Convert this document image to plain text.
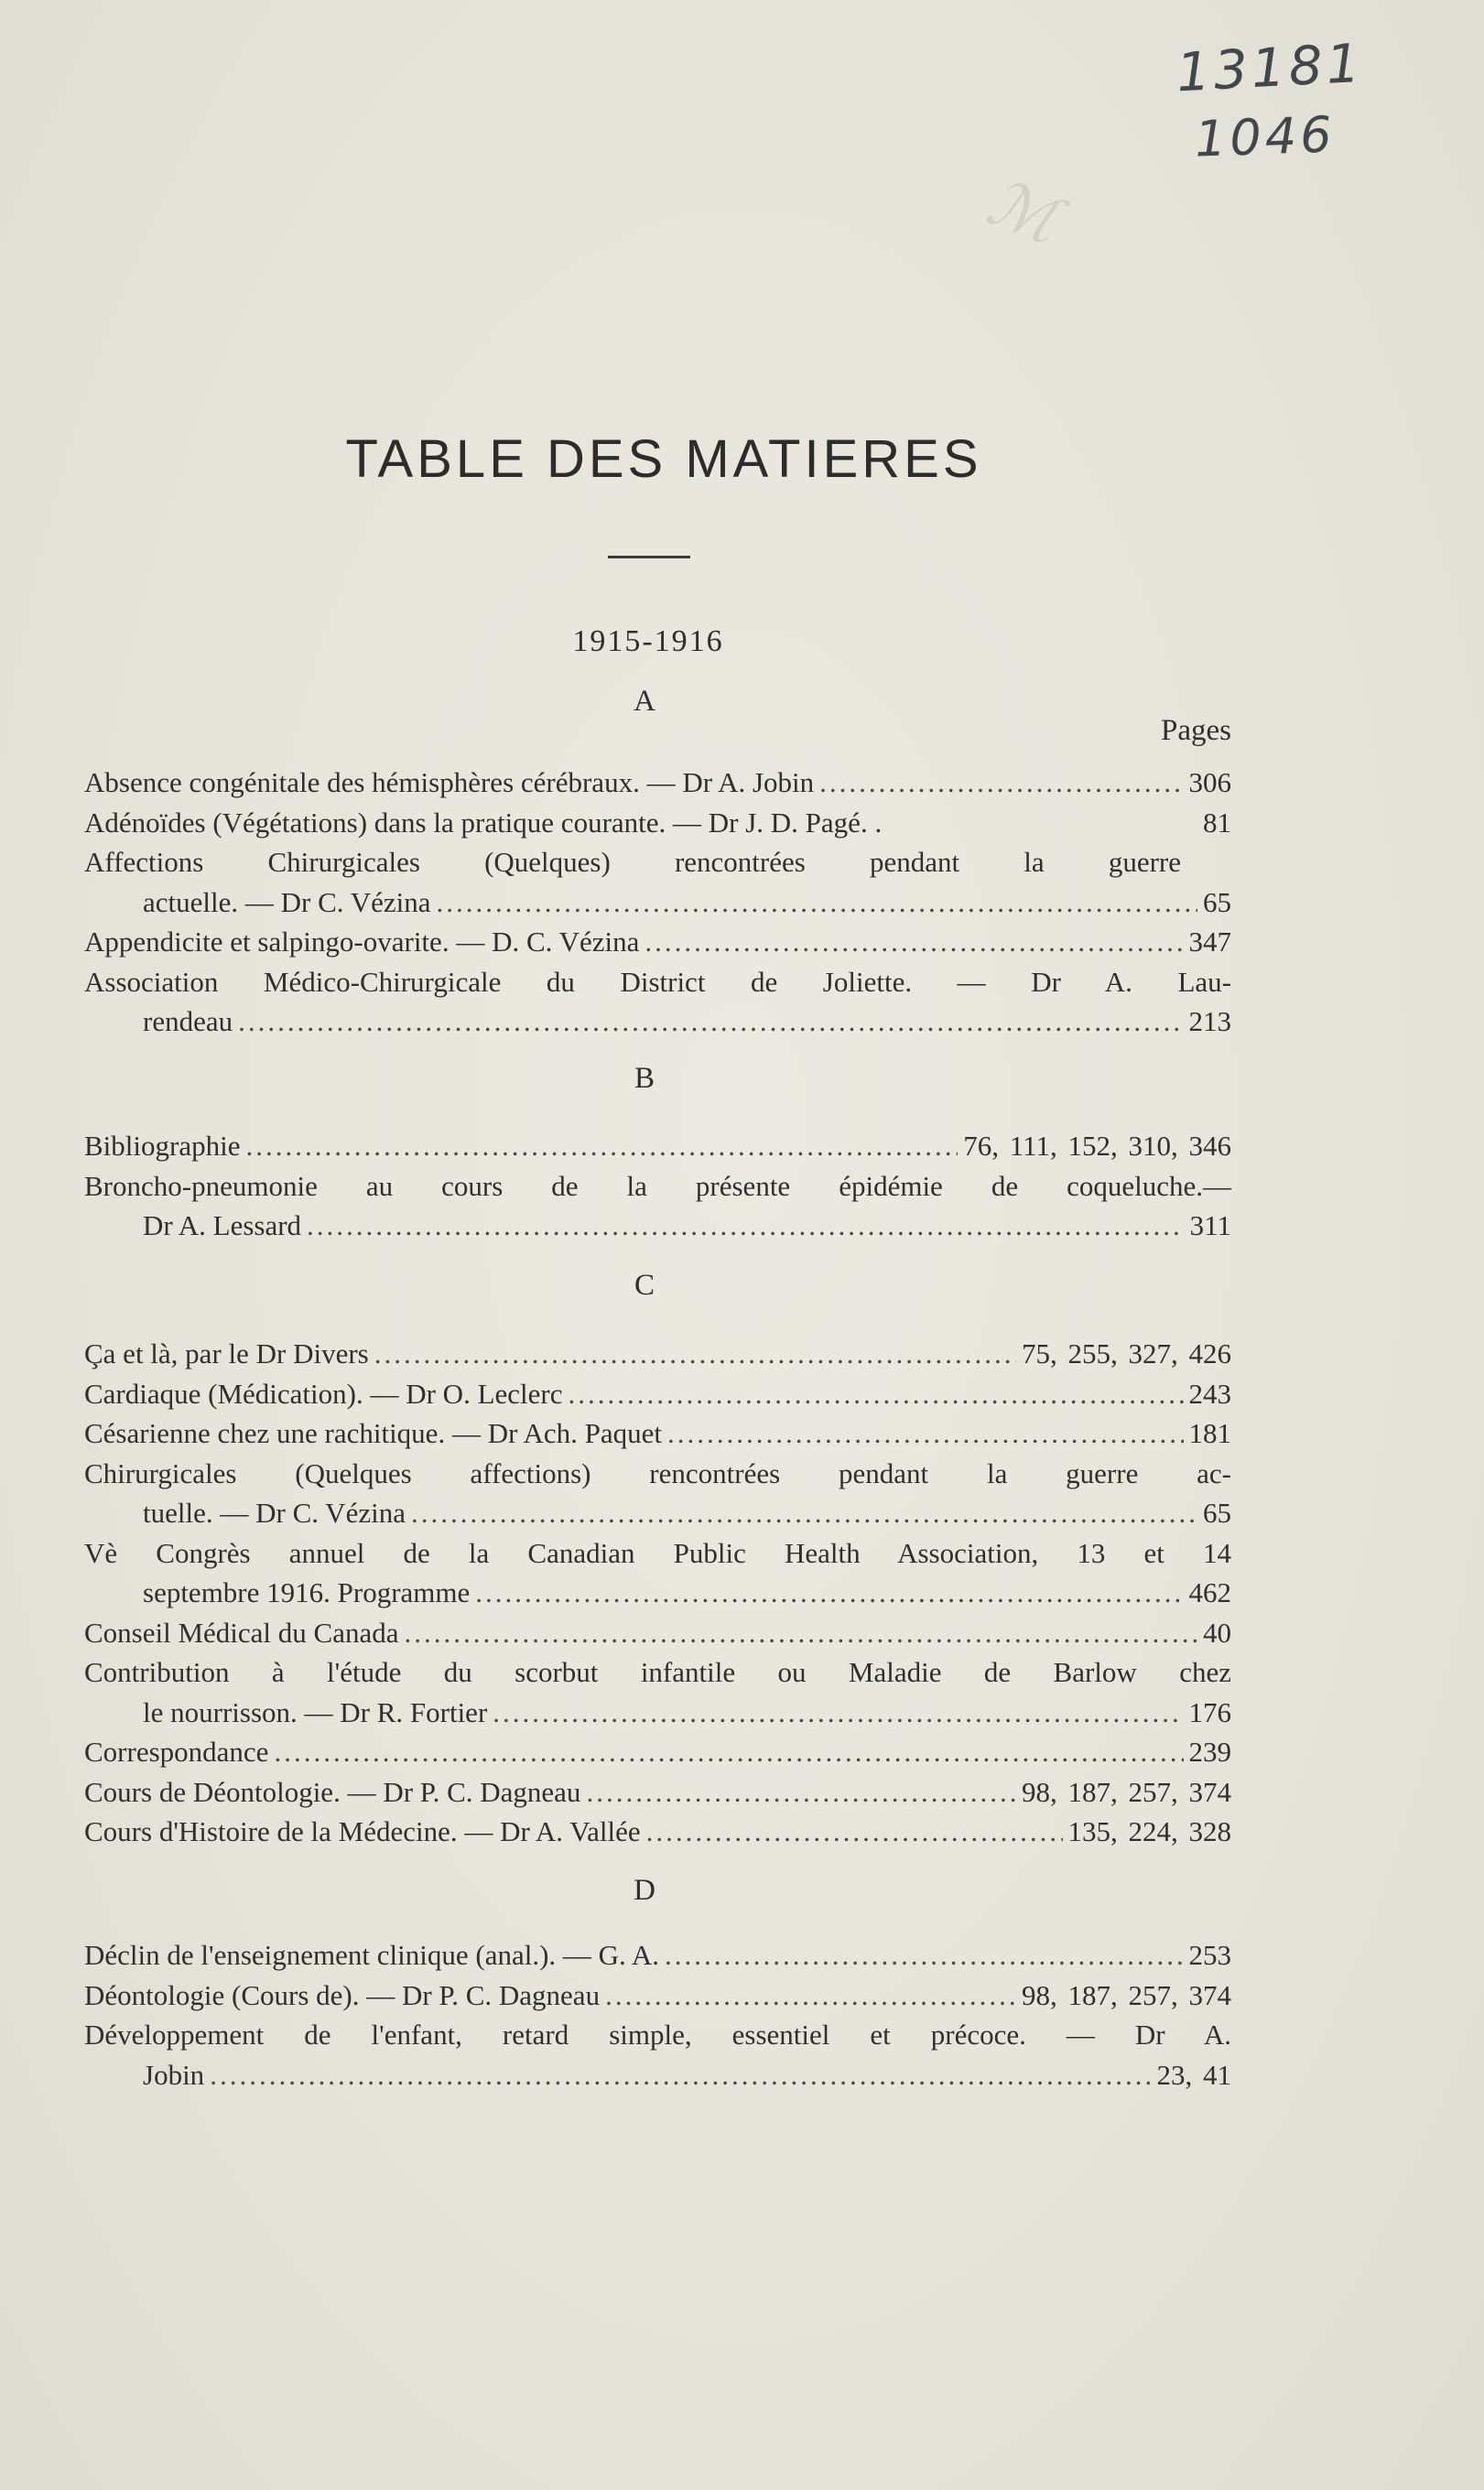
13181
1046
ℳ
TABLE DES MATIERES
1915-1916
A
Pages
Absence congénitale des hémisphères cérébraux. — Dr A. Jobin .....	306
Adénoïdes (Végétations) dans la pratique courante. — Dr J. D. Pagé. .	81
Affections Chirurgicales (Quelques) rencontrées pendant la guerre
actuelle. — Dr C. Vézina .....	65
Appendicite et salpingo-ovarite. — D. C. Vézina .....	347
Association Médico-Chirurgicale du District de Joliette. — Dr A. Lau-
rendeau .....	213
B
Bibliographie .....	76, 111, 152, 310, 346
Broncho-pneumonie au cours de la présente épidémie de coqueluche.—
Dr A. Lessard .....	311
C
Ça et là, par le Dr Divers .....	75, 255, 327, 426
Cardiaque (Médication). — Dr O. Leclerc .....	243
Césarienne chez une rachitique. — Dr Ach. Paquet .....	181
Chirurgicales (Quelques affections) rencontrées pendant la guerre ac-
tuelle. — Dr C. Vézina .....	65
Vè Congrès annuel de la Canadian Public Health Association, 13 et 14
septembre 1916. Programme .....	462
Conseil Médical du Canada .....	40
Contribution à l'étude du scorbut infantile ou Maladie de Barlow chez
le nourrisson. — Dr R. Fortier .....	176
Correspondance .....	239
Cours de Déontologie. — Dr P. C. Dagneau .....	98, 187, 257, 374
Cours d'Histoire de la Médecine. — Dr A. Vallée .....	135, 224, 328
D
Déclin de l'enseignement clinique (anal.). — G. A. .....	253
Déontologie (Cours de). — Dr P. C. Dagneau .....	98, 187, 257, 374
Développement de l'enfant, retard simple, essentiel et précoce. — Dr A.
Jobin .....	23, 41
